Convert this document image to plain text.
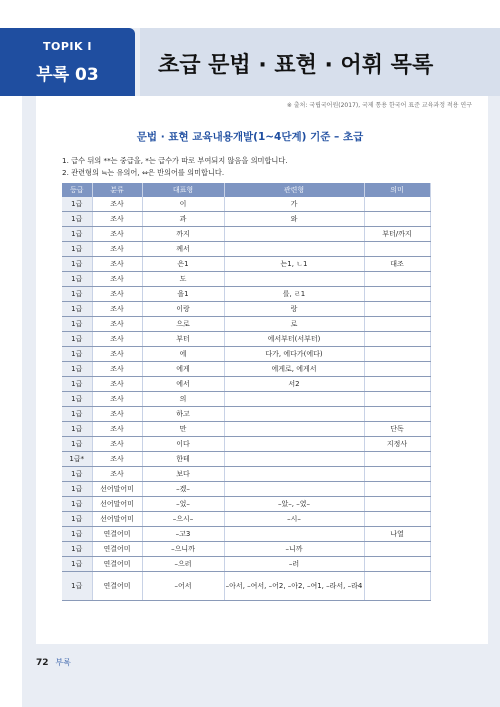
TOPIK Ⅰ
부록 03	초급 문법 · 표현 · 어휘 목록
※ 출처: 국립국어원(2017), 국제 통용 한국어 표준 교육과정 적용 연구
문법 · 표현 교육내용개발(1~4단계) 기준 – 초급
1. 급수 뒤의 **는 중급을, *는 급수가 따로 부여되지 않음을 의미합니다.
2. 관련형의 ≒는 유의어, ⇔은 반의어를 의미합니다.
등급	분류	대표형	관련형	의미
1급	조사	이	가	
1급	조사	과	와	
1급	조사	까지		부터/까지
1급	조사	께서		
1급	조사	은1	는1, ㄴ1	대조
1급	조사	도		
1급	조사	을1	를, ㄹ1	
1급	조사	이랑	랑	
1급	조사	으로	로	
1급	조사	부터	에서부터(서부터)	
1급	조사	에	다가, 에다가(에다)	
1급	조사	에게	에게로, 에게서	
1급	조사	에서	서2	
1급	조사	의		
1급	조사	하고		
1급	조사	만		단독
1급	조사	이다		지정사
1급*	조사	한테		
1급	조사	보다		
1급	선어말어미	–겠–		
1급	선어말어미	–었–	–았–, –였–	
1급	선어말어미	–으시–	–시–	
1급	연결어미	–고3		나열
1급	연결어미	–으니까	–니까	
1급	연결어미	–으러	–러	
1급	연결어미	–어서	–아서, –여서, –어2, –아2, –여1, –라서, –라4	
72 부록
